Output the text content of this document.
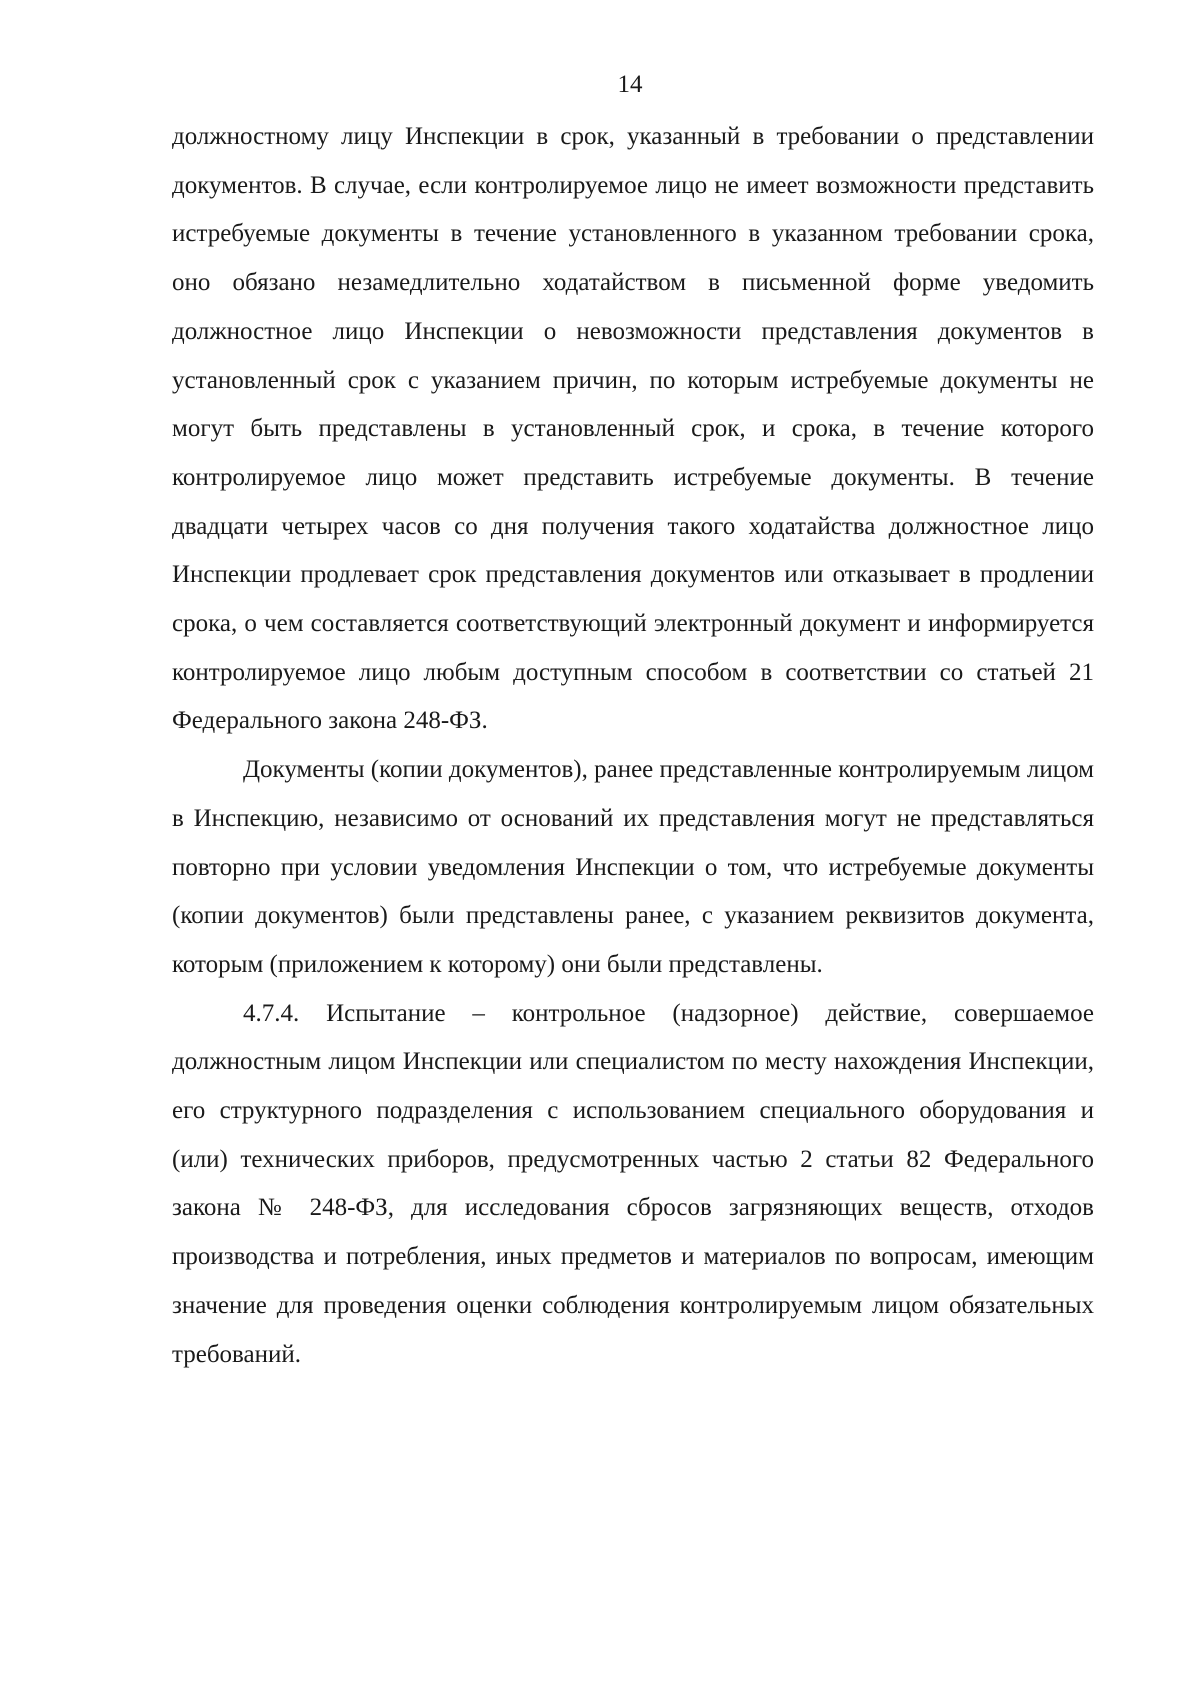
14

должностному лицу Инспекции в срок, указанный в требовании о представлении документов. В случае, если контролируемое лицо не имеет возможности представить истребуемые документы в течение установленного в указанном требовании срока, оно обязано незамедлительно ходатайством в письменной форме уведомить должностное лицо Инспекции о невозможности представления документов в установленный срок с указанием причин, по которым истребуемые документы не могут быть представлены в установленный срок, и срока, в течение которого контролируемое лицо может представить истребуемые документы. В течение двадцати четырех часов со дня получения такого ходатайства должностное лицо Инспекции продлевает срок представления документов или отказывает в продлении срока, о чем составляется соответствующий электронный документ и информируется контролируемое лицо любым доступным способом в соответствии со статьей 21 Федерального закона 248-ФЗ.

Документы (копии документов), ранее представленные контролируемым лицом в Инспекцию, независимо от оснований их представления могут не представляться повторно при условии уведомления Инспекции о том, что истребуемые документы (копии документов) были представлены ранее, с указанием реквизитов документа, которым (приложением к которому) они были представлены.

4.7.4. Испытание – контрольное (надзорное) действие, совершаемое должностным лицом Инспекции или специалистом по месту нахождения Инспекции, его структурного подразделения с использованием специального оборудования и (или) технических приборов, предусмотренных частью 2 статьи 82 Федерального закона № 248-ФЗ, для исследования сбросов загрязняющих веществ, отходов производства и потребления, иных предметов и материалов по вопросам, имеющим значение для проведения оценки соблюдения контролируемым лицом обязательных требований.
